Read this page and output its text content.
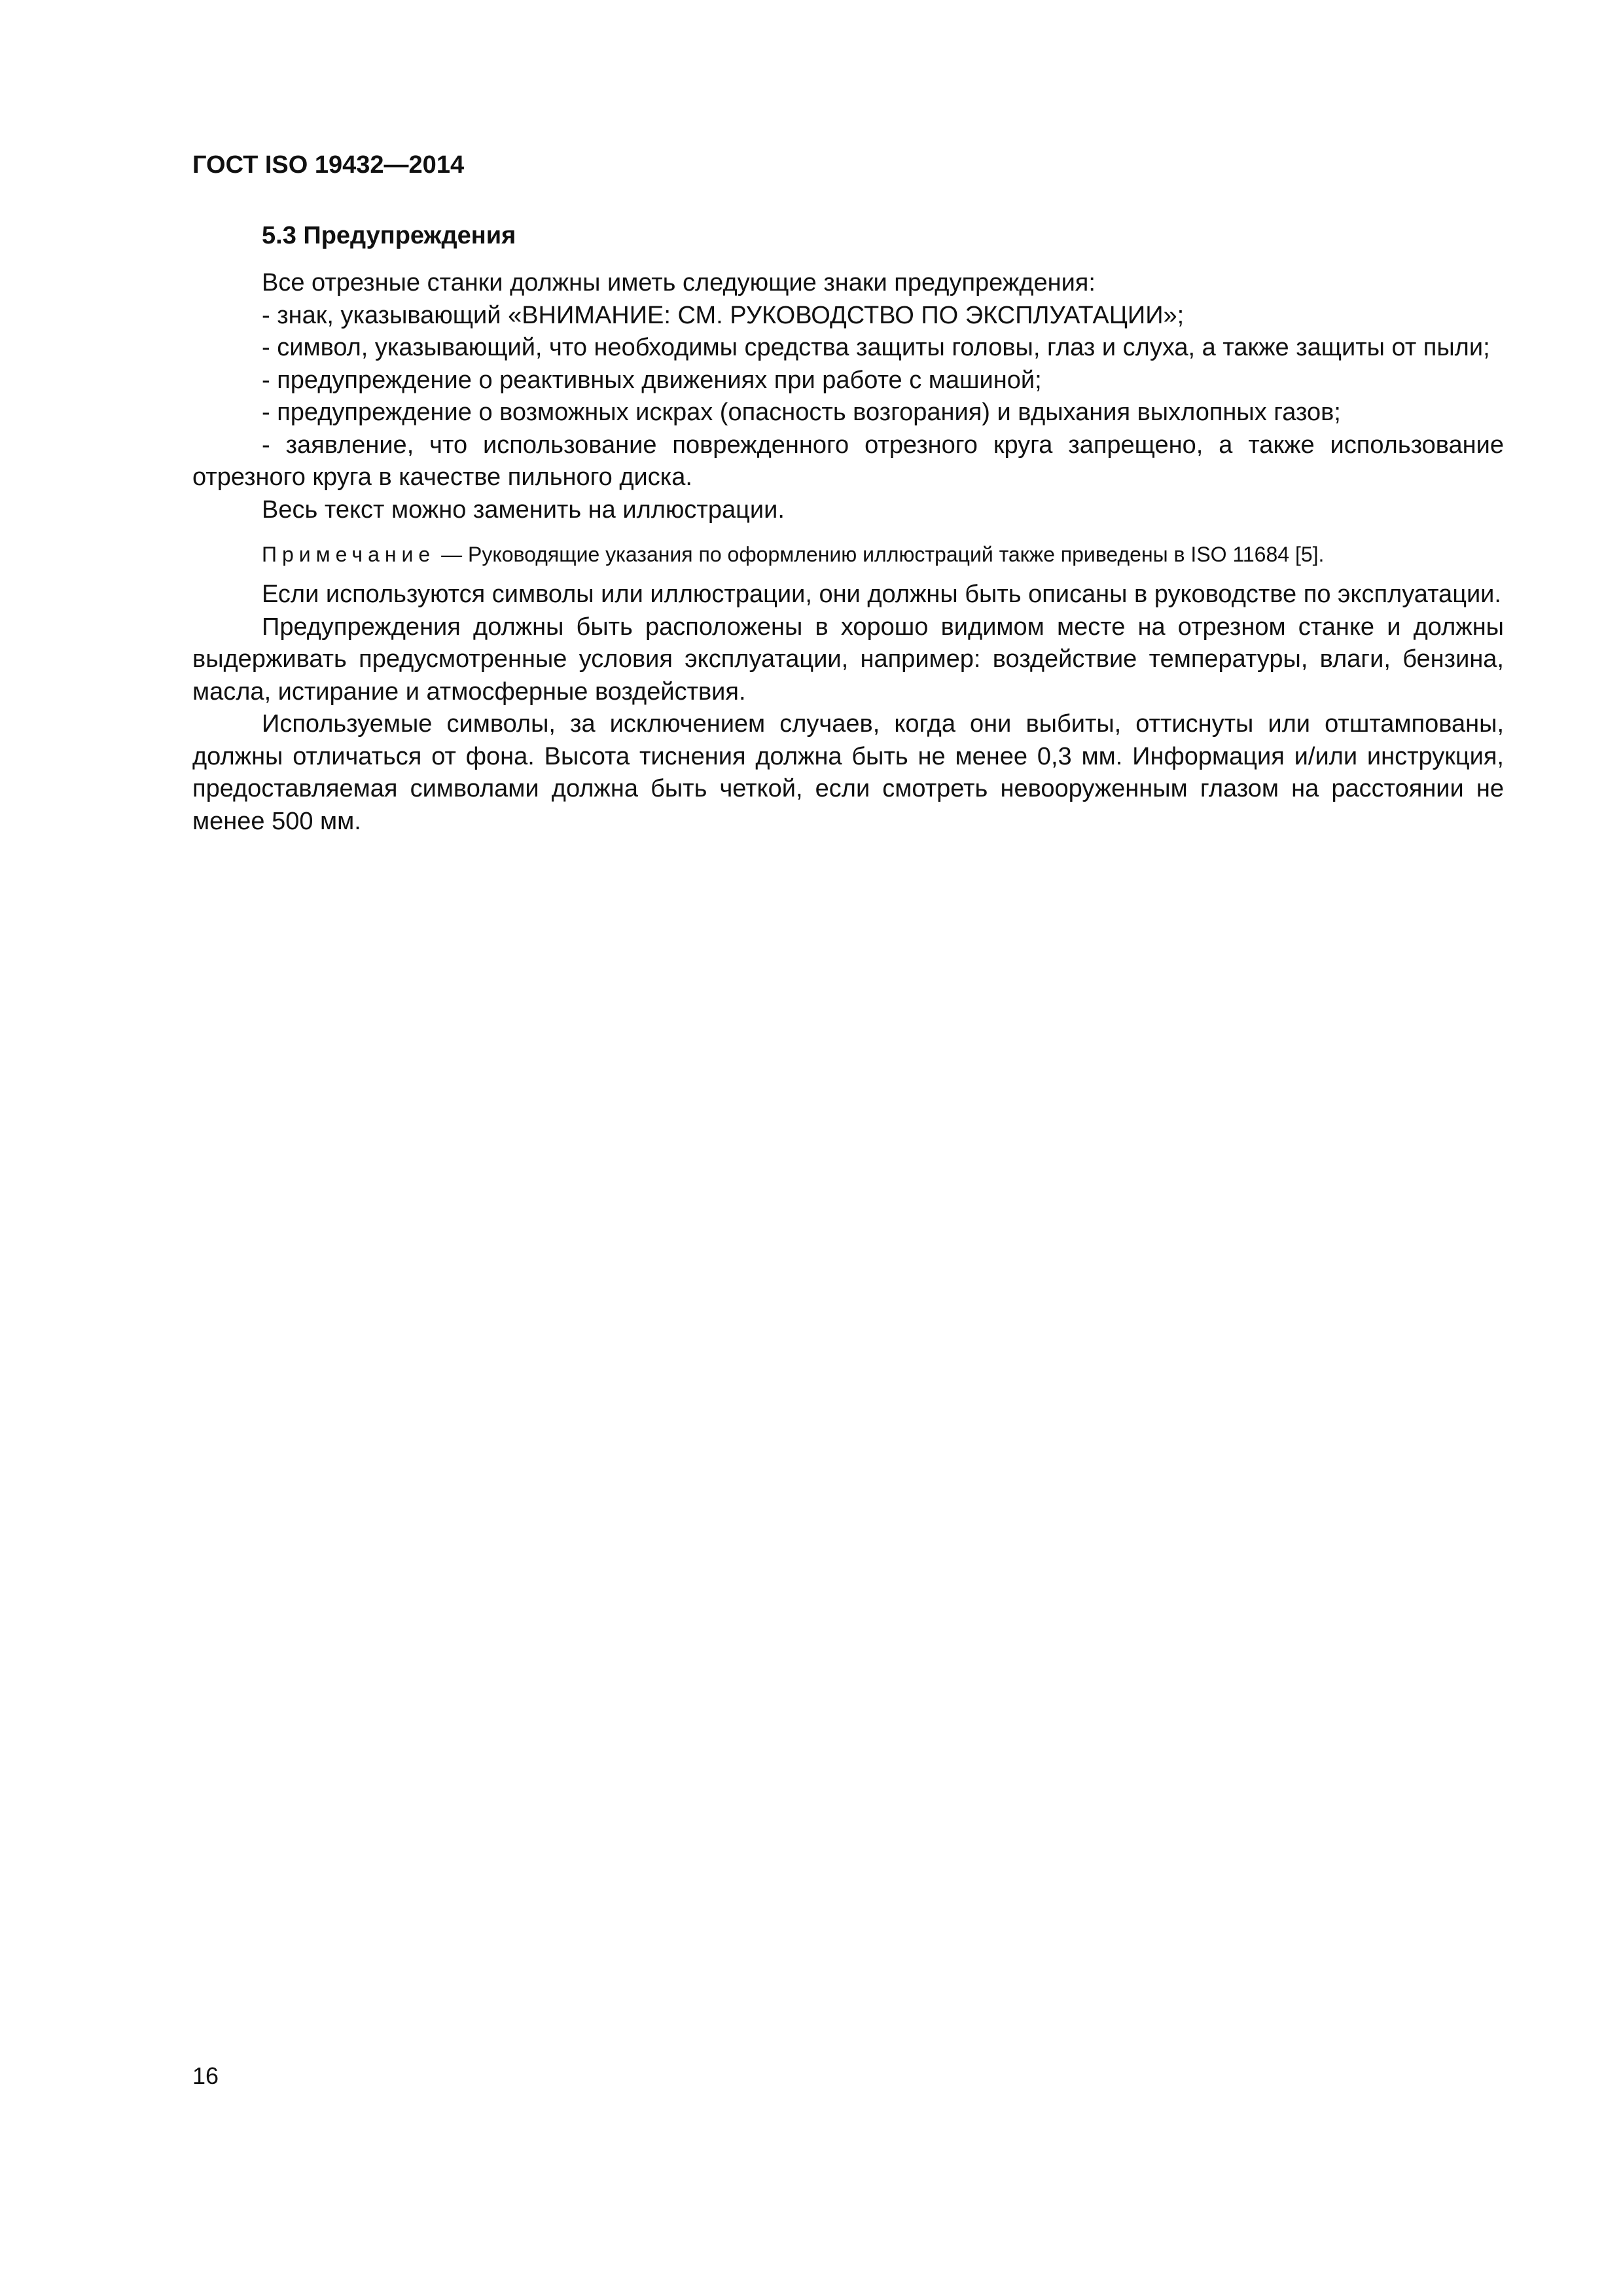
ГОСТ ISO 19432—2014
5.3 Предупреждения

Все отрезные станки должны иметь следующие знаки предупреждения:

- знак, указывающий «ВНИМАНИЕ: СМ. РУКОВОДСТВО ПО ЭКСПЛУАТАЦИИ»;

- символ, указывающий, что необходимы средства защиты головы, глаз и слуха, а также защиты от пыли;

- предупреждение о реактивных движениях при работе с машиной;

- предупреждение о возможных искрах (опасность возгорания) и вдыхания выхлопных газов;

- заявление, что использование поврежденного отрезного круга запрещено, а также использование отрезного круга в качестве пильного диска.

Весь текст можно заменить на иллюстрации.

Примечание — Руководящие указания по оформлению иллюстраций также приведены в ISO 11684 [5].

Если используются символы или иллюстрации, они должны быть описаны в руководстве по эксплуатации.

Предупреждения должны быть расположены в хорошо видимом месте на отрезном станке и должны выдерживать предусмотренные условия эксплуатации, например: воздействие температуры, влаги, бензина, масла, истирание и атмосферные воздействия.

Используемые символы, за исключением случаев, когда они выбиты, оттиснуты или отштампованы, должны отличаться от фона. Высота тиснения должна быть не менее 0,3 мм. Информация и/или инструкция, предоставляемая символами должна быть четкой, если смотреть невооруженным глазом на расстоянии не менее 500 мм.

16
